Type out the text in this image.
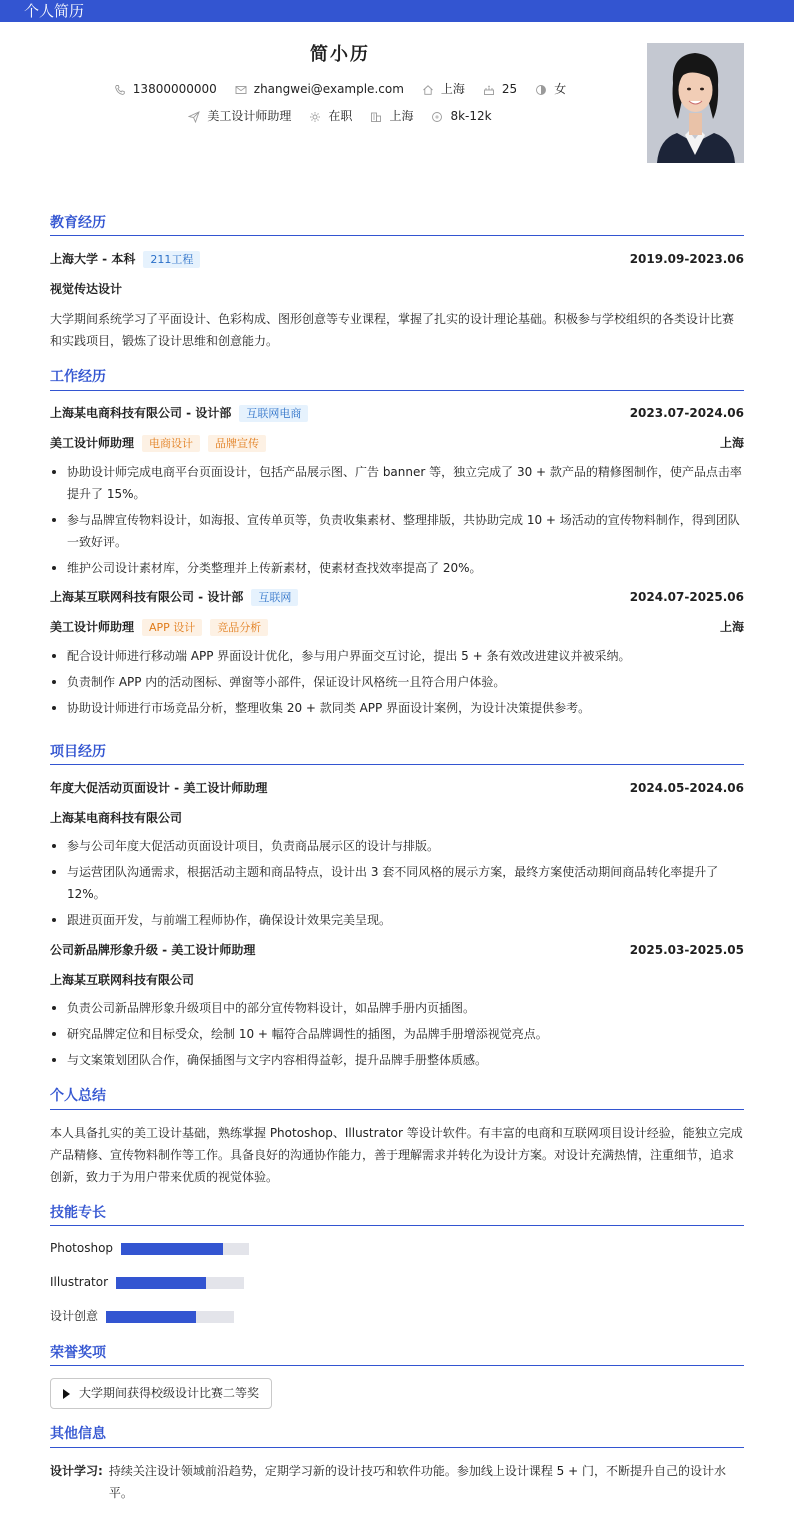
个人简历
简小历
13800000000	zhangwei@example.com	上海	25	女
美工设计师助理	在职	上海	8k-12k
教育经历
上海大学 - 本科	211工程	2019.09-2023.06
视觉传达设计
大学期间系统学习了平面设计、色彩构成、图形创意等专业课程，掌握了扎实的设计理论基础。积极参与学校组织的各类设计比赛和实践项目，锻炼了设计思维和创意能力。
工作经历
上海某电商科技有限公司 - 设计部	互联网电商	2023.07-2024.06
美工设计师助理	电商设计	品牌宣传	上海
协助设计师完成电商平台页面设计，包括产品展示图、广告 banner 等，独立完成了 30 + 款产品的精修图制作，使产品点击率提升了 15%。
参与品牌宣传物料设计，如海报、宣传单页等，负责收集素材、整理排版，共协助完成 10 + 场活动的宣传物料制作，得到团队一致好评。
维护公司设计素材库，分类整理并上传新素材，使素材查找效率提高了 20%。
上海某互联网科技有限公司 - 设计部	互联网	2024.07-2025.06
美工设计师助理	APP 设计	竞品分析	上海
配合设计师进行移动端 APP 界面设计优化，参与用户界面交互讨论，提出 5 + 条有效改进建议并被采纳。
负责制作 APP 内的活动图标、弹窗等小部件，保证设计风格统一且符合用户体验。
协助设计师进行市场竞品分析，整理收集 20 + 款同类 APP 界面设计案例，为设计决策提供参考。
项目经历
年度大促活动页面设计 - 美工设计师助理	2024.05-2024.06
上海某电商科技有限公司
参与公司年度大促活动页面设计项目，负责商品展示区的设计与排版。
与运营团队沟通需求，根据活动主题和商品特点，设计出 3 套不同风格的展示方案，最终方案使活动期间商品转化率提升了 12%。
跟进页面开发，与前端工程师协作，确保设计效果完美呈现。
公司新品牌形象升级 - 美工设计师助理	2025.03-2025.05
上海某互联网科技有限公司
负责公司新品牌形象升级项目中的部分宣传物料设计，如品牌手册内页插图。
研究品牌定位和目标受众，绘制 10 + 幅符合品牌调性的插图，为品牌手册增添视觉亮点。
与文案策划团队合作，确保插图与文字内容相得益彰，提升品牌手册整体质感。
个人总结
本人具备扎实的美工设计基础，熟练掌握 Photoshop、Illustrator 等设计软件。有丰富的电商和互联网项目设计经验，能独立完成产品精修、宣传物料制作等工作。具备良好的沟通协作能力，善于理解需求并转化为设计方案。对设计充满热情，注重细节，追求创新，致力于为用户带来优质的视觉体验。
技能专长
Photoshop
Illustrator
设计创意
荣誉奖项
大学期间获得校级设计比赛二等奖
其他信息
设计学习: 持续关注设计领域前沿趋势，定期学习新的设计技巧和软件功能。参加线上设计课程 5 + 门，不断提升自己的设计水平。
